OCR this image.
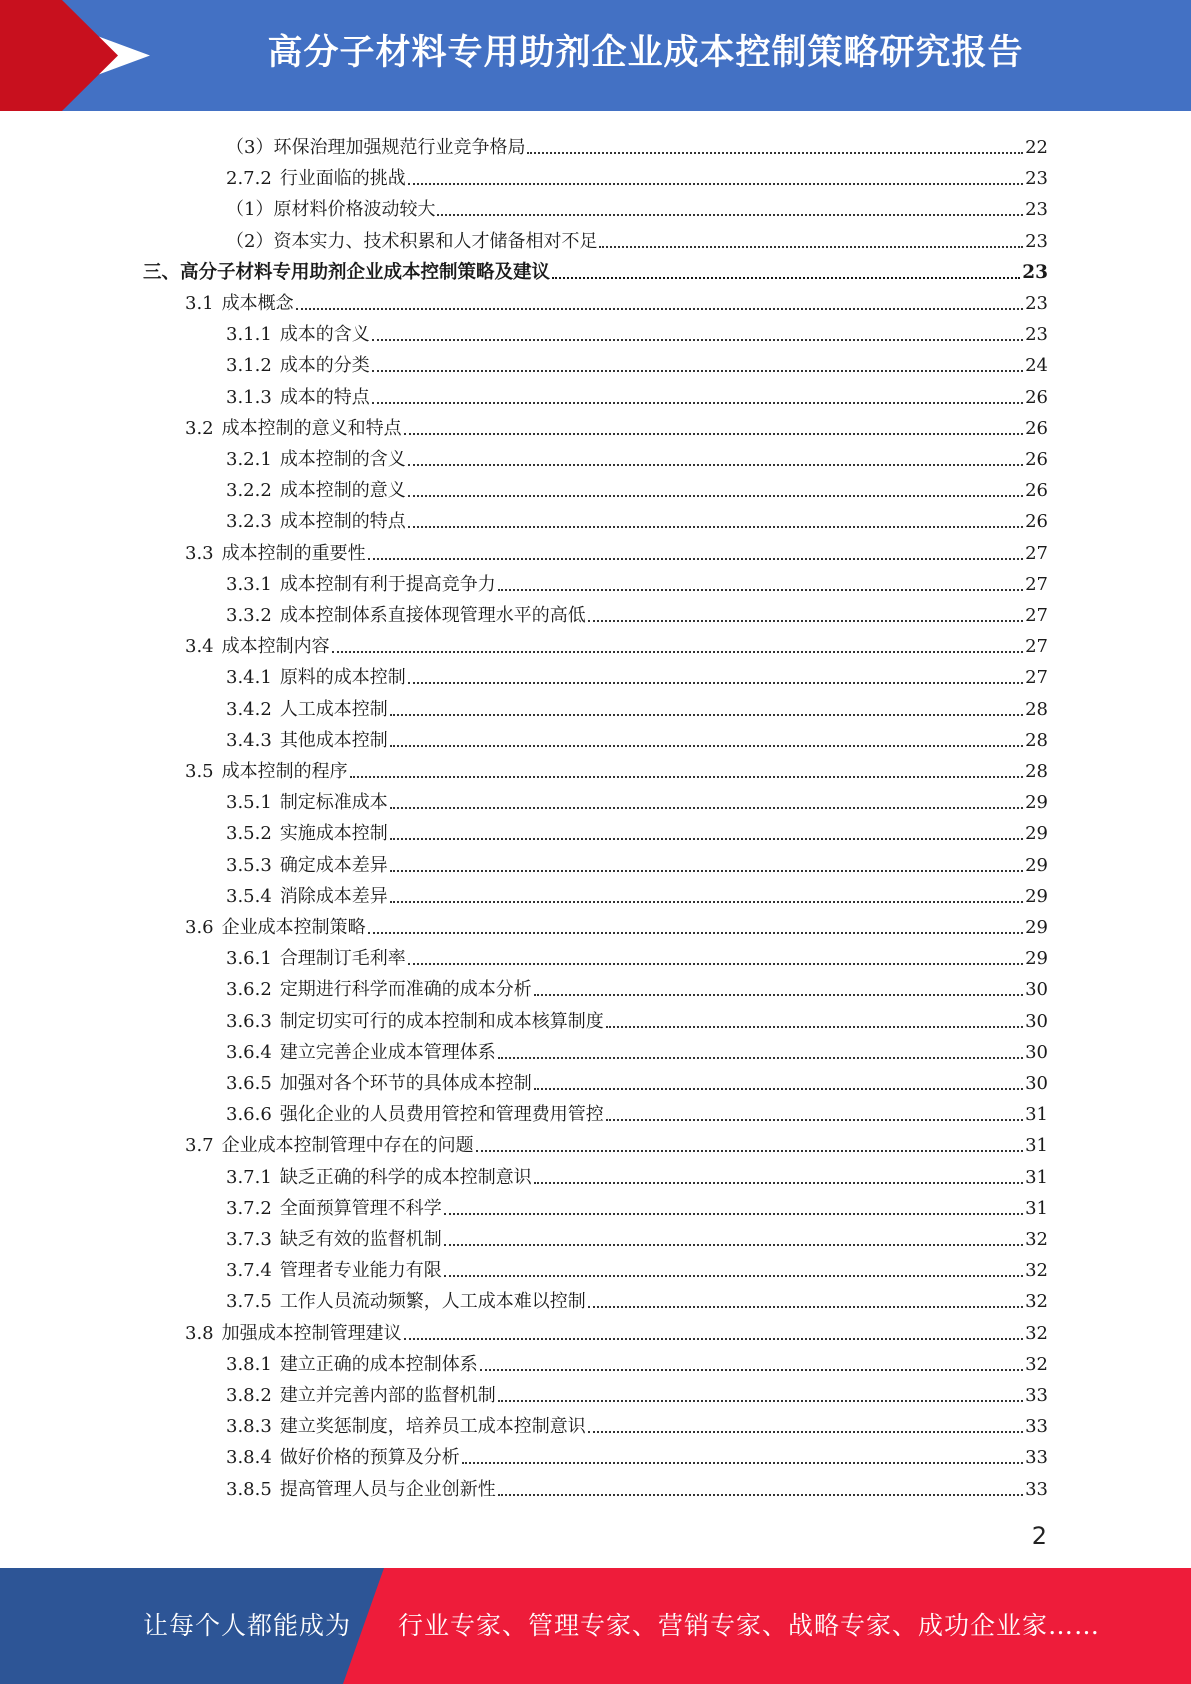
高分子材料专用助剂企业成本控制策略研究报告
（3）环保治理加强规范行业竞争格局	22
2.7.2 行业面临的挑战	23
（1）原材料价格波动较大	23
（2）资本实力、技术积累和人才储备相对不足	23
三、高分子材料专用助剂企业成本控制策略及建议	23
3.1 成本概念	23
3.1.1 成本的含义	23
3.1.2 成本的分类	24
3.1.3 成本的特点	26
3.2 成本控制的意义和特点	26
3.2.1 成本控制的含义	26
3.2.2 成本控制的意义	26
3.2.3 成本控制的特点	26
3.3 成本控制的重要性	27
3.3.1 成本控制有利于提高竞争力	27
3.3.2 成本控制体系直接体现管理水平的高低	27
3.4 成本控制内容	27
3.4.1 原料的成本控制	27
3.4.2 人工成本控制	28
3.4.3 其他成本控制	28
3.5 成本控制的程序	28
3.5.1 制定标准成本	29
3.5.2 实施成本控制	29
3.5.3 确定成本差异	29
3.5.4 消除成本差异	29
3.6 企业成本控制策略	29
3.6.1 合理制订毛利率	29
3.6.2 定期进行科学而准确的成本分析	30
3.6.3 制定切实可行的成本控制和成本核算制度	30
3.6.4 建立完善企业成本管理体系	30
3.6.5 加强对各个环节的具体成本控制	30
3.6.6 强化企业的人员费用管控和管理费用管控	31
3.7 企业成本控制管理中存在的问题	31
3.7.1 缺乏正确的科学的成本控制意识	31
3.7.2 全面预算管理不科学	31
3.7.3 缺乏有效的监督机制	32
3.7.4 管理者专业能力有限	32
3.7.5 工作人员流动频繁，人工成本难以控制	32
3.8 加强成本控制管理建议	32
3.8.1 建立正确的成本控制体系	32
3.8.2 建立并完善内部的监督机制	33
3.8.3 建立奖惩制度，培养员工成本控制意识	33
3.8.4 做好价格的预算及分析	33
3.8.5 提高管理人员与企业创新性	33
2
让每个人都能成为 行业专家、管理专家、营销专家、战略专家、成功企业家……
